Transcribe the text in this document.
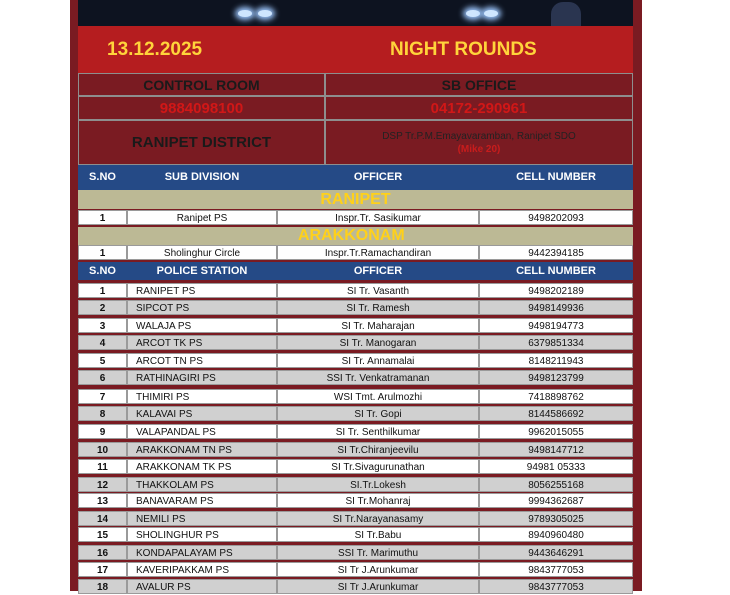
13.12.2025	NIGHT ROUNDS
CONTROL ROOM	SB OFFICE
9884098100	04172-290961
RANIPET DISTRICT	DSP Tr.P.M.Emayavaramban, Ranipet SDO
(Mike 20)
S.NO	SUB DIVISION	OFFICER	CELL NUMBER
RANIPET
1	Ranipet PS	Inspr.Tr. Sasikumar	9498202093
ARAKKONAM
1	Sholinghur Circle	Inspr.Tr.Ramachandiran	9442394185
S.NO	POLICE STATION	OFFICER	CELL NUMBER
1	RANIPET PS	SI Tr. Vasanth	9498202189
2	SIPCOT PS	SI Tr. Ramesh	9498149936
3	WALAJA PS	SI Tr. Maharajan	9498194773
4	ARCOT TK PS	SI Tr. Manogaran	6379851334
5	ARCOT TN PS	SI Tr. Annamalai	8148211943
6	RATHINAGIRI PS	SSI Tr. Venkatramanan	9498123799
7	THIMIRI PS	WSI Tmt. Arulmozhi	7418898762
8	KALAVAI PS	SI Tr. Gopi	8144586692
9	VALAPANDAL PS	SI Tr. Senthilkumar	9962015055
10	ARAKKONAM TN PS	SI Tr.Chiranjeevilu	9498147712
11	ARAKKONAM TK PS	SI Tr.Sivagurunathan	94981 05333
12	THAKKOLAM PS	SI.Tr.Lokesh	8056255168
13	BANAVARAM PS	SI Tr.Mohanraj	9994362687
14	NEMILI PS	SI Tr.Narayanasamy	9789305025
15	SHOLINGHUR PS	SI Tr.Babu	8940960480
16	KONDAPALAYAM PS	SSI Tr. Marimuthu	9443646291
17	KAVERIPAKKAM PS	SI Tr J.Arunkumar	9843777053
18	AVALUR PS	SI Tr J.Arunkumar	9843777053
